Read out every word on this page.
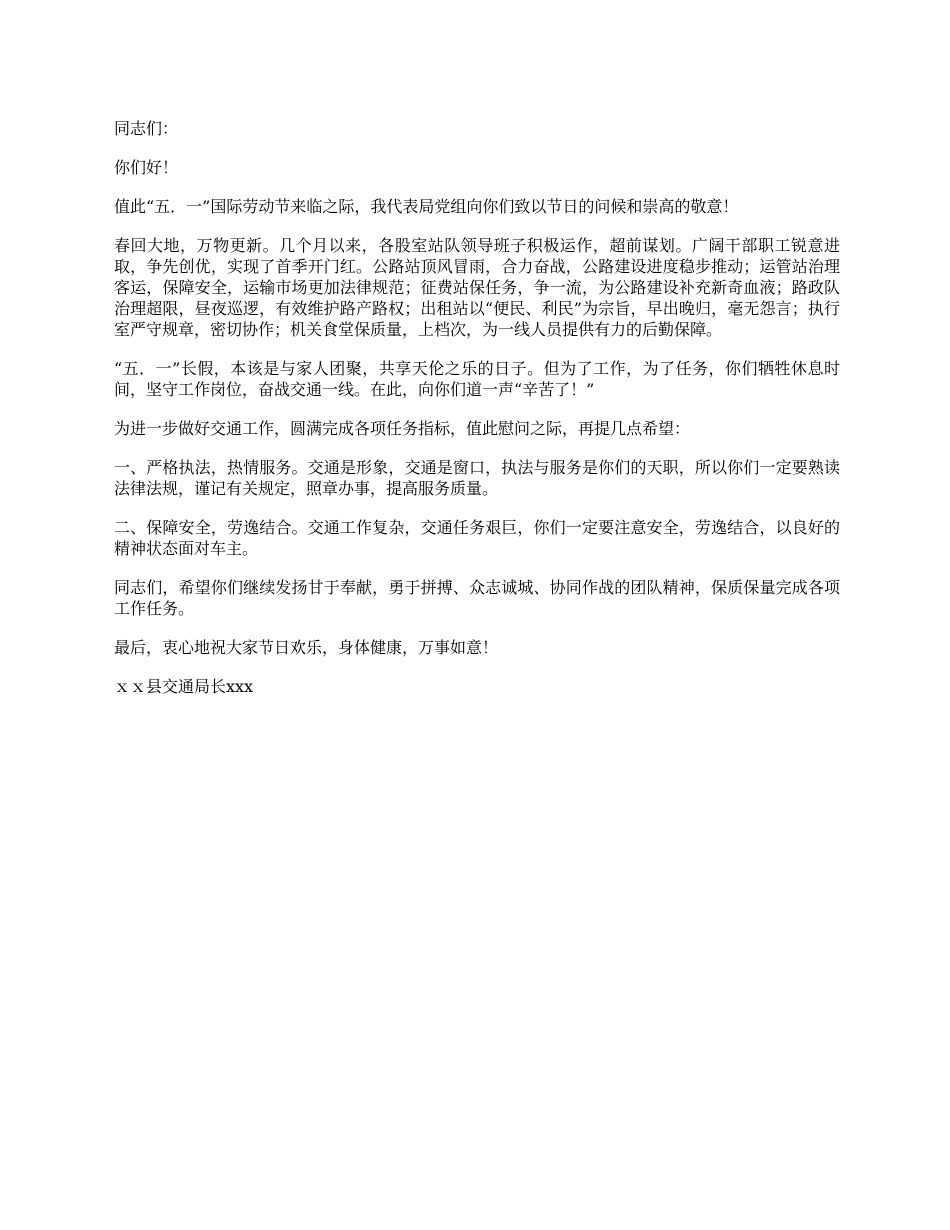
同志们：

你们好！

值此“五．一”国际劳动节来临之际，我代表局党组向你们致以节日的问候和崇高的敬意！

春回大地，万物更新。几个月以来，各股室站队领导班子积极运作，超前谋划。广阔干部职工锐意进取，争先创优，实现了首季开门红。公路站顶风冒雨，合力奋战，公路建设进度稳步推动；运管站治理客运，保障安全，运输市场更加法律规范；征费站保任务，争一流，为公路建设补充新奇血液；路政队治理超限，昼夜巡逻，有效维护路产路权；出租站以“便民、利民”为宗旨，早出晚归，毫无怨言；执行室严守规章，密切协作；机关食堂保质量，上档次，为一线人员提供有力的后勤保障。

“五．一”长假，本该是与家人团聚，共享天伦之乐的日子。但为了工作，为了任务，你们牺牲休息时间，坚守工作岗位，奋战交通一线。在此，向你们道一声“辛苦了！”

为进一步做好交通工作，圆满完成各项任务指标，值此慰问之际，再提几点希望：

一、严格执法，热情服务。交通是形象，交通是窗口，执法与服务是你们的天职，所以你们一定要熟读法律法规，谨记有关规定，照章办事，提高服务质量。

二、保障安全，劳逸结合。交通工作复杂，交通任务艰巨，你们一定要注意安全，劳逸结合，以良好的精神状态面对车主。

同志们，希望你们继续发扬甘于奉献，勇于拼搏、众志诚城、协同作战的团队精神，保质保量完成各项工作任务。

最后，衷心地祝大家节日欢乐，身体健康，万事如意！

ｘｘ县交通局长xxx
